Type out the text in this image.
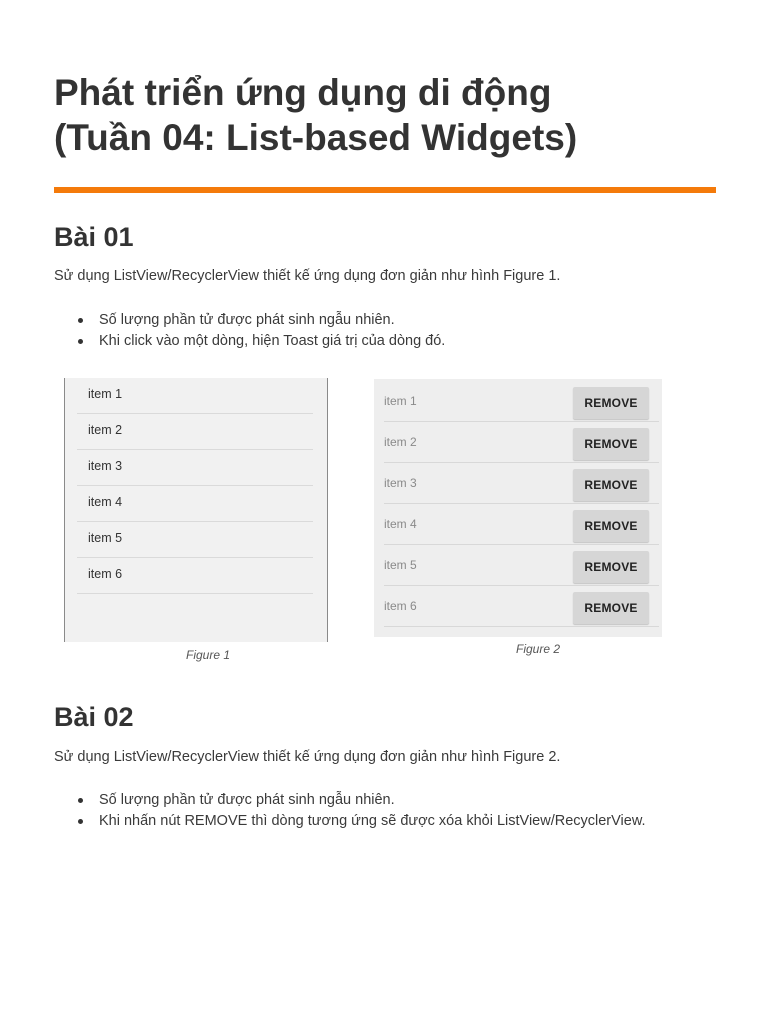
Phát triển ứng dụng di động
(Tuần 04: List-based Widgets)
Bài 01
Sử dụng ListView/RecyclerView thiết kế ứng dụng đơn giản như hình Figure 1.
Số lượng phần tử được phát sinh ngẫu nhiên.
Khi click vào một dòng, hiện Toast giá trị của dòng đó.
item 1
item 2
item 3
item 4
item 5
item 6
Figure 1
item 1	REMOVE
item 2	REMOVE
item 3	REMOVE
item 4	REMOVE
item 5	REMOVE
item 6	REMOVE
Figure 2
Bài 02
Sử dụng ListView/RecyclerView thiết kế ứng dụng đơn giản như hình Figure 2.
Số lượng phần tử được phát sinh ngẫu nhiên.
Khi nhấn nút REMOVE thì dòng tương ứng sẽ được xóa khỏi ListView/RecyclerView.
